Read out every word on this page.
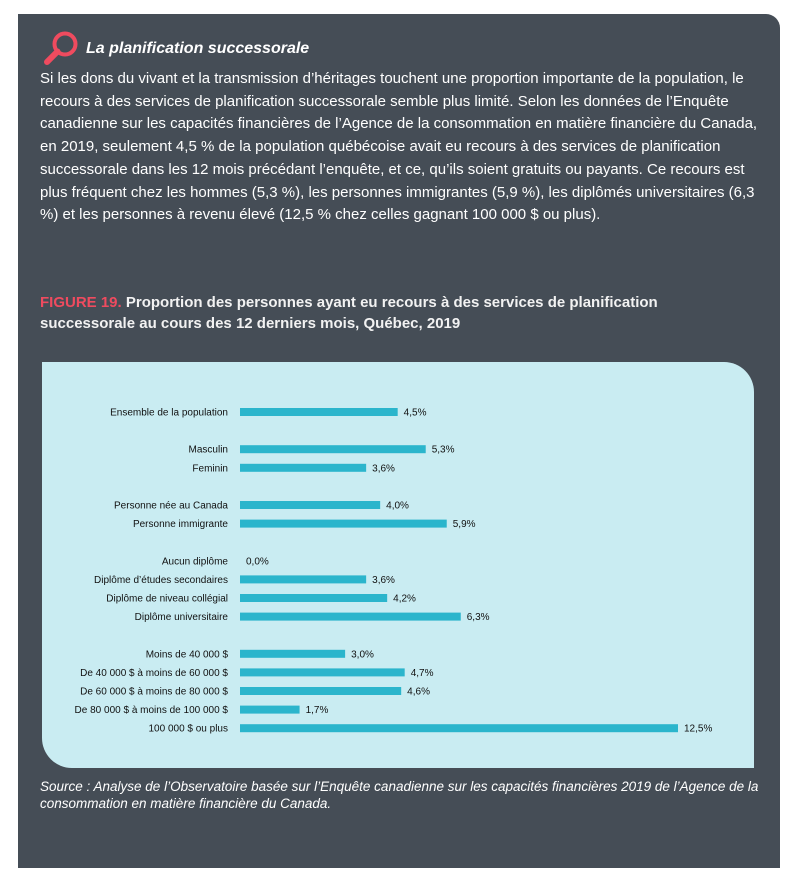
La planification successorale
Si les dons du vivant et la transmission d’héritages touchent une proportion importante de la population, le recours à des services de planification successorale semble plus limité. Selon les données de l’Enquête canadienne sur les capacités financières de l’Agence de la consommation en matière financière du Canada, en 2019, seulement 4,5 % de la population québécoise avait eu recours à des services de planification successorale dans les 12 mois précédant l’enquête, et ce, qu’ils soient gratuits ou payants. Ce recours est plus fréquent chez les hommes (5,3 %), les personnes immigrantes (5,9 %), les diplômés universitaires (6,3 %) et les personnes à revenu élevé (12,5 % chez celles gagnant 100 000 $ ou plus).
FIGURE 19. Proportion des personnes ayant eu recours à des services de planification successorale au cours des 12 derniers mois, Québec, 2019
Ensemble de la population	4,5%
Masculin	5,3%
Feminin	3,6%
Personne née au Canada	4,0%
Personne immigrante	5,9%
Aucun diplôme 0,0%
Diplôme d’études secondaires	3,6%
Diplôme de niveau collégial	4,2%
Diplôme universitaire	6,3%
Moins de 40 000 $	3,0%
De 40 000 $ à moins de 60 000 $	4,7%
De 60 000 $ à moins de 80 000 $	4,6%
De 80 000 $ à moins de 100 000 $	1,7%
100 000 $ ou plus	12,5%
Source : Analyse de l’Observatoire basée sur l’Enquête canadienne sur les capacités financières 2019 de l’Agence de la consommation en matière financière du Canada.
